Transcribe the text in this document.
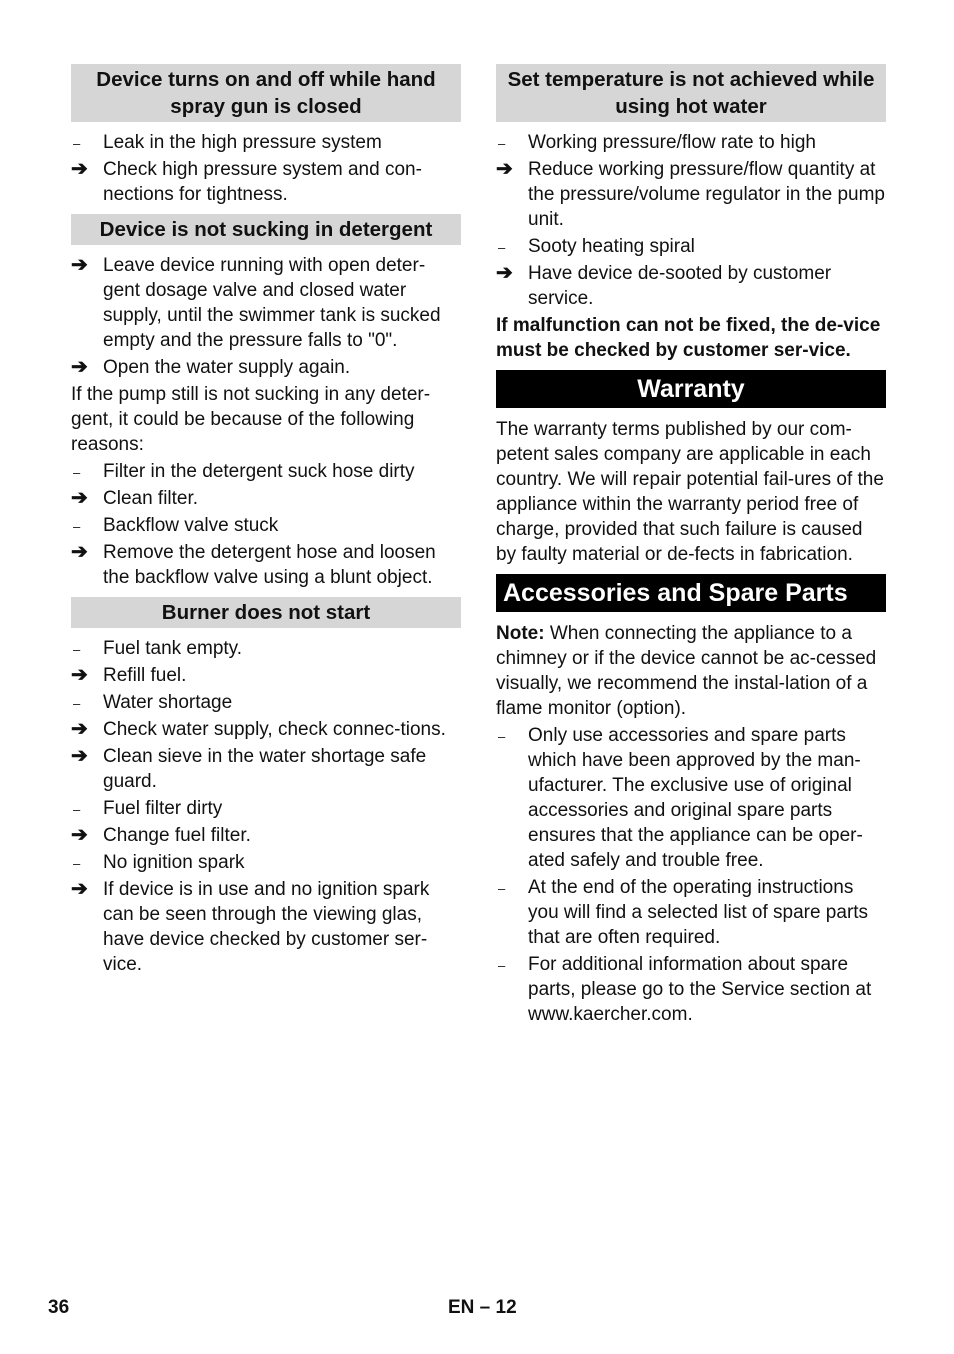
Device turns on and off while hand spray gun is closed
–	Leak in the high pressure system
➔ Check high pressure system and con-nections for tightness.
Device is not sucking in detergent
➔ Leave device running with open deter-gent dosage valve and closed water supply, until the swimmer tank is sucked empty and the pressure falls to "0".
➔ Open the water supply again.
If the pump still is not sucking in any deter-gent, it could be because of the following reasons:
–	Filter in the detergent suck hose dirty
➔ Clean filter.
–	Backflow valve stuck
➔ Remove the detergent hose and loosen the backflow valve using a blunt object.
Burner does not start
–	Fuel tank empty.
➔ Refill fuel.
–	Water shortage
➔ Check water supply, check connec-tions.
➔ Clean sieve in the water shortage safe guard.
–	Fuel filter dirty
➔ Change fuel filter.
–	No ignition spark
➔ If device is in use and no ignition spark can be seen through the viewing glas, have device checked by customer ser-vice.
Set temperature is not achieved while using hot water
–	Working pressure/flow rate to high
➔ Reduce working pressure/flow quantity at the pressure/volume regulator in the pump unit.
–	Sooty heating spiral
➔ Have device de-sooted by customer service.
If malfunction can not be fixed, the de-vice must be checked by customer ser-vice.
Warranty
The warranty terms published by our com-petent sales company are applicable in each country. We will repair potential fail-ures of the appliance within the warranty period free of charge, provided that such failure is caused by faulty material or de-fects in fabrication.
Accessories and Spare Parts
Note: When connecting the appliance to a chimney or if the device cannot be ac-cessed visually, we recommend the instal-lation of a flame monitor (option).
–	Only use accessories and spare parts which have been approved by the man-ufacturer. The exclusive use of original accessories and original spare parts ensures that the appliance can be oper-ated safely and trouble free.
–	At the end of the operating instructions you will find a selected list of spare parts that are often required.
–	For additional information about spare parts, please go to the Service section at www.kaercher.com.
36	EN – 12
